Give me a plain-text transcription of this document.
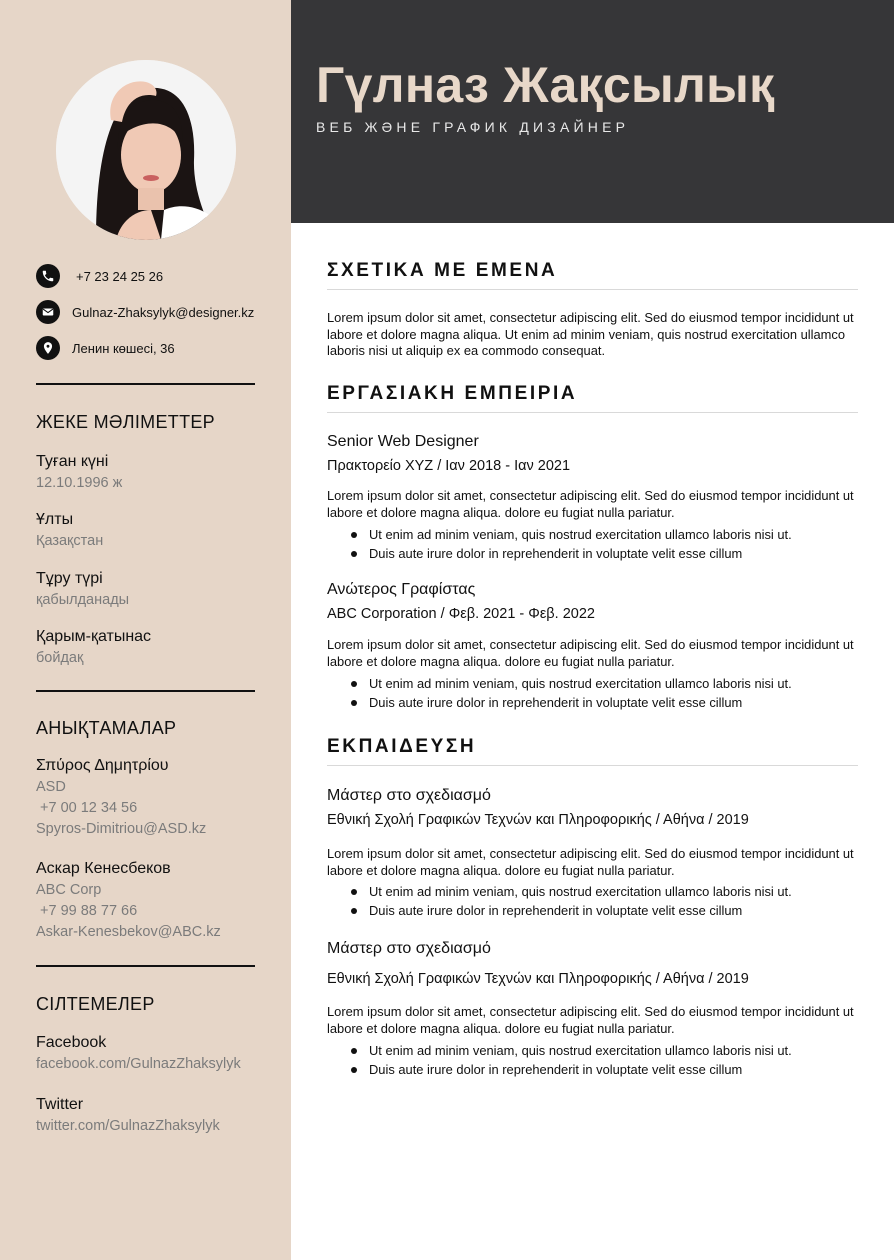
+7 23 24 25 26
Gulnaz-Zhaksylyk@designer.kz
Ленин көшесі, 36
ЖЕКЕ МӘЛІМЕТТЕР
Туған күні
12.10.1996 ж
Ұлты
Қазақстан
Тұру түрі
қабылданады
Қарым-қатынас
бойдақ
АНЫҚТАМАЛАР
Σπύρος Δημητρίου
ASD
+7 00 12 34 56
Spyros-Dimitriou@ASD.kz
Аскар Кенесбеков
ABC Corp
+7 99 88 77 66
Askar-Kenesbekov@ABC.kz
СІЛТЕМЕЛЕР
Facebook
facebook.com/GulnazZhaksylyk
Twitter
twitter.com/GulnazZhaksylyk
Гүлназ Жақсылық
ВЕБ ЖӘНЕ ГРАФИК ДИЗАЙНЕР
ΣΧΕΤΙΚΑ ΜΕ ΕΜΕΝΑ
Lorem ipsum dolor sit amet, consectetur adipiscing elit. Sed do eiusmod tempor incididunt ut labore et dolore magna aliqua. Ut enim ad minim veniam, quis nostrud exercitation ullamco laboris nisi ut aliquip ex ea commodo consequat.
ΕΡΓΑΣΙΑΚΗ ΕΜΠΕΙΡΙΑ
Senior Web Designer
Πρακτορείο XYZ / Ιαν 2018 - Ιαν 2021
Lorem ipsum dolor sit amet, consectetur adipiscing elit. Sed do eiusmod tempor incididunt ut labore et dolore magna aliqua. dolore eu fugiat nulla pariatur.
Ut enim ad minim veniam, quis nostrud exercitation ullamco laboris nisi ut.
Duis aute irure dolor in reprehenderit in voluptate velit esse cillum
Ανώτερος Γραφίστας
ABC Corporation / Φεβ. 2021 - Φεβ. 2022
Lorem ipsum dolor sit amet, consectetur adipiscing elit. Sed do eiusmod tempor incididunt ut labore et dolore magna aliqua. dolore eu fugiat nulla pariatur.
Ut enim ad minim veniam, quis nostrud exercitation ullamco laboris nisi ut.
Duis aute irure dolor in reprehenderit in voluptate velit esse cillum
ΕΚΠΑΙΔΕΥΣΗ
Μάστερ στο σχεδιασμό
Εθνική Σχολή Γραφικών Τεχνών και Πληροφορικής / Αθήνα / 2019
Lorem ipsum dolor sit amet, consectetur adipiscing elit. Sed do eiusmod tempor incididunt ut labore et dolore magna aliqua. dolore eu fugiat nulla pariatur.
Ut enim ad minim veniam, quis nostrud exercitation ullamco laboris nisi ut.
Duis aute irure dolor in reprehenderit in voluptate velit esse cillum
Μάστερ στο σχεδιασμό
Εθνική Σχολή Γραφικών Τεχνών και Πληροφορικής / Αθήνα / 2019
Lorem ipsum dolor sit amet, consectetur adipiscing elit. Sed do eiusmod tempor incididunt ut labore et dolore magna aliqua. dolore eu fugiat nulla pariatur.
Ut enim ad minim veniam, quis nostrud exercitation ullamco laboris nisi ut.
Duis aute irure dolor in reprehenderit in voluptate velit esse cillum
